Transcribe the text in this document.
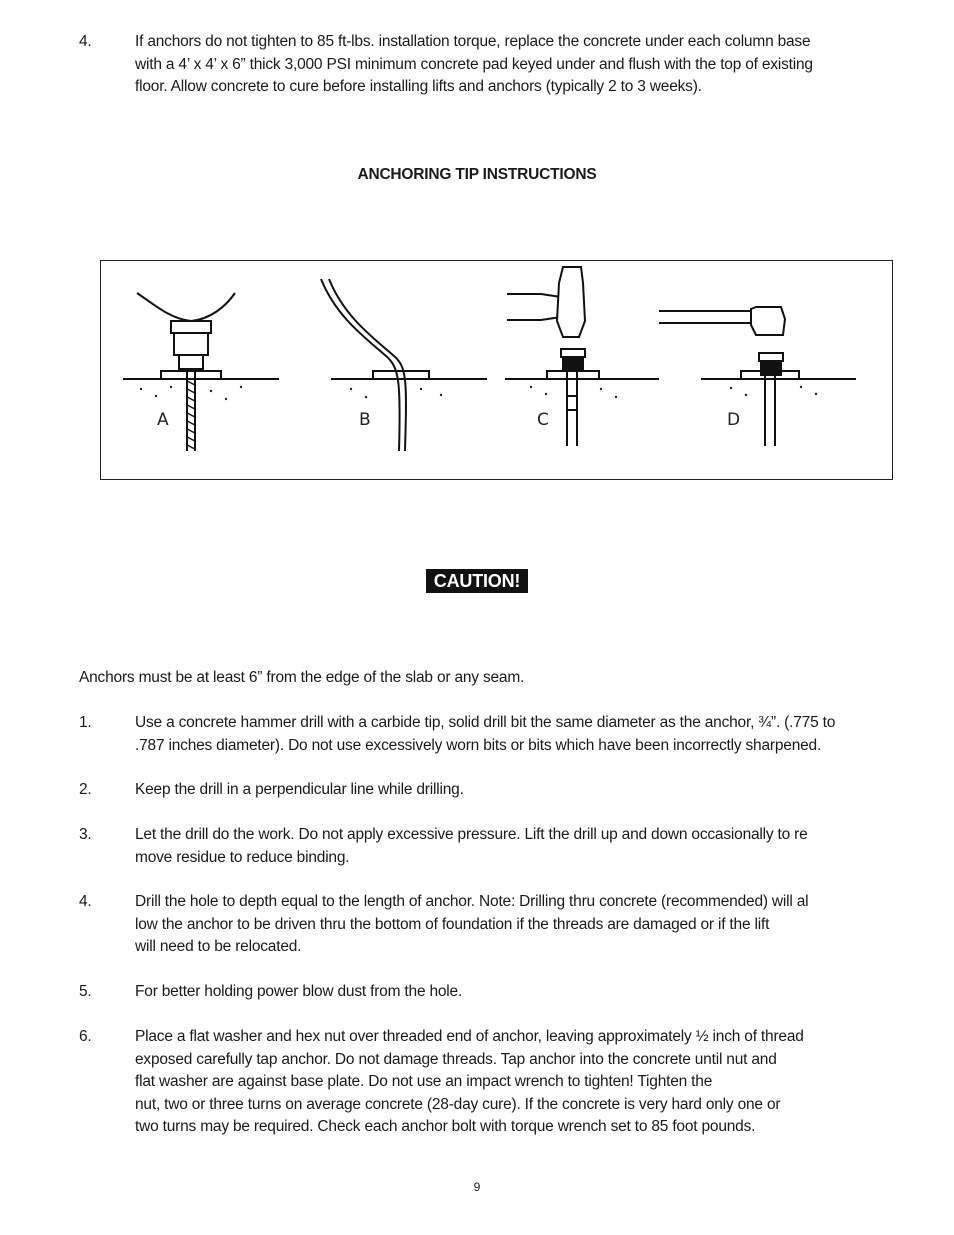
4.	If anchors do not tighten to 85 ft-lbs. installation torque, replace the concrete under each column base
with a 4’ x 4’ x 6” thick 3,000 PSI minimum concrete pad keyed under and flush with the top of existing
floor. Allow concrete to cure before installing lifts and anchors (typically 2 to 3 weeks).
ANCHORING TIP INSTRUCTIONS
A	B	C	D
CAUTION!
Anchors must be at least 6” from the edge of the slab or any seam.
1.	Use a concrete hammer drill with a carbide tip, solid drill bit the same diameter as the anchor, ¾”. (.775 to
.787 inches diameter). Do not use excessively worn bits or bits which have been incorrectly sharpened.
2.	Keep the drill in a perpendicular line while drilling.
3.	Let the drill do the work. Do not apply excessive pressure. Lift the drill up and down occasionally to re
move residue to reduce binding.
4.	Drill the hole to depth equal to the length of anchor. Note: Drilling thru concrete (recommended) will al
low the anchor to be driven thru the bottom of foundation if the threads are damaged or if the lift
will need to be relocated.
5.	For better holding power blow dust from the hole.
6.	Place a flat washer and hex nut over threaded end of anchor, leaving approximately ½ inch of thread
exposed carefully tap anchor. Do not damage threads. Tap anchor into the concrete until nut and
flat washer are against base plate. Do not use an impact wrench to tighten! Tighten the
nut, two or three turns on average concrete (28-day cure). If the concrete is very hard only one or
two turns may be required. Check each anchor bolt with torque wrench set to 85 foot pounds.
9
